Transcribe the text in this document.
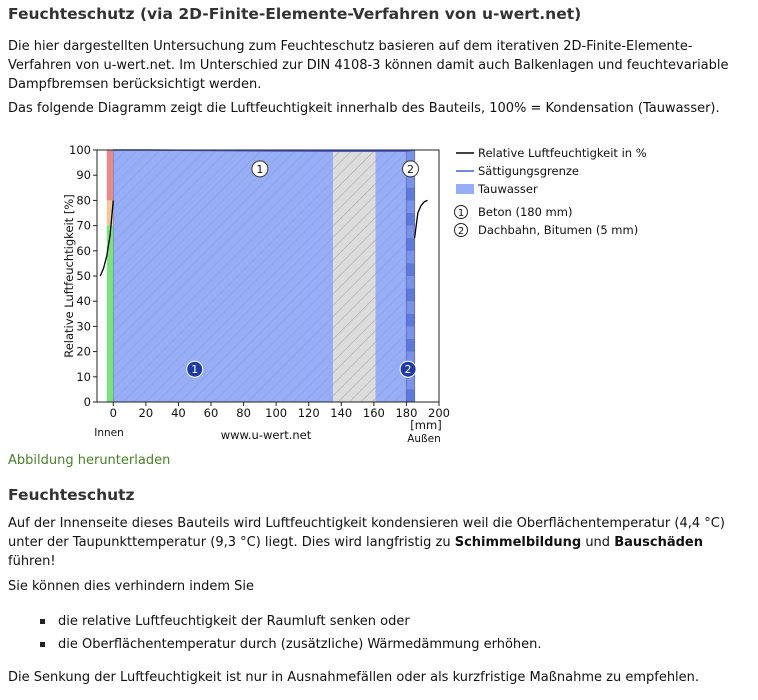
Feuchteschutz (via 2D-Finite-Elemente-Verfahren von u-wert.net)

Die hier dargestellten Untersuchung zum Feuchteschutz basieren auf dem iterativen 2D-Finite-Elemente-Verfahren von u-wert.net. Im Unterschied zur DIN 4108-3 können damit auch Balkenlagen und feuchtevariable Dampfbremsen berücksichtigt werden.

Das folgende Diagramm zeigt die Luftfeuchtigkeit innerhalb des Bauteils, 100% = Kondensation (Tauwasser).

1
1
2
2
0
10
20
30
40
50
60
70
80
90
100
0 20 40 60 80 100 120 140 160 180 200
Relative Luftfeuchtigkeit [%]
[mm]
www.u-wert.net
Innen	Außen
Relative Luftfeuchtigkeit in %
Sättigungsgrenze
Tauwasser
1 Beton (180 mm)
2 Dachbahn, Bitumen (5 mm)
Abbildung herunterladen
Feuchteschutz

Auf der Innenseite dieses Bauteils wird Luftfeuchtigkeit kondensieren weil die Oberflächentemperatur (4,4 °C) unter der Taupunkttemperatur (9,3 °C) liegt. Dies wird langfristig zu Schimmelbildung und Bauschäden führen!

Sie können dies verhindern indem Sie

die relative Luftfeuchtigkeit der Raumluft senken oder
die Oberflächentemperatur durch (zusätzliche) Wärmedämmung erhöhen.

Die Senkung der Luftfeuchtigkeit ist nur in Ausnahmefällen oder als kurzfristige Maßnahme zu empfehlen.
